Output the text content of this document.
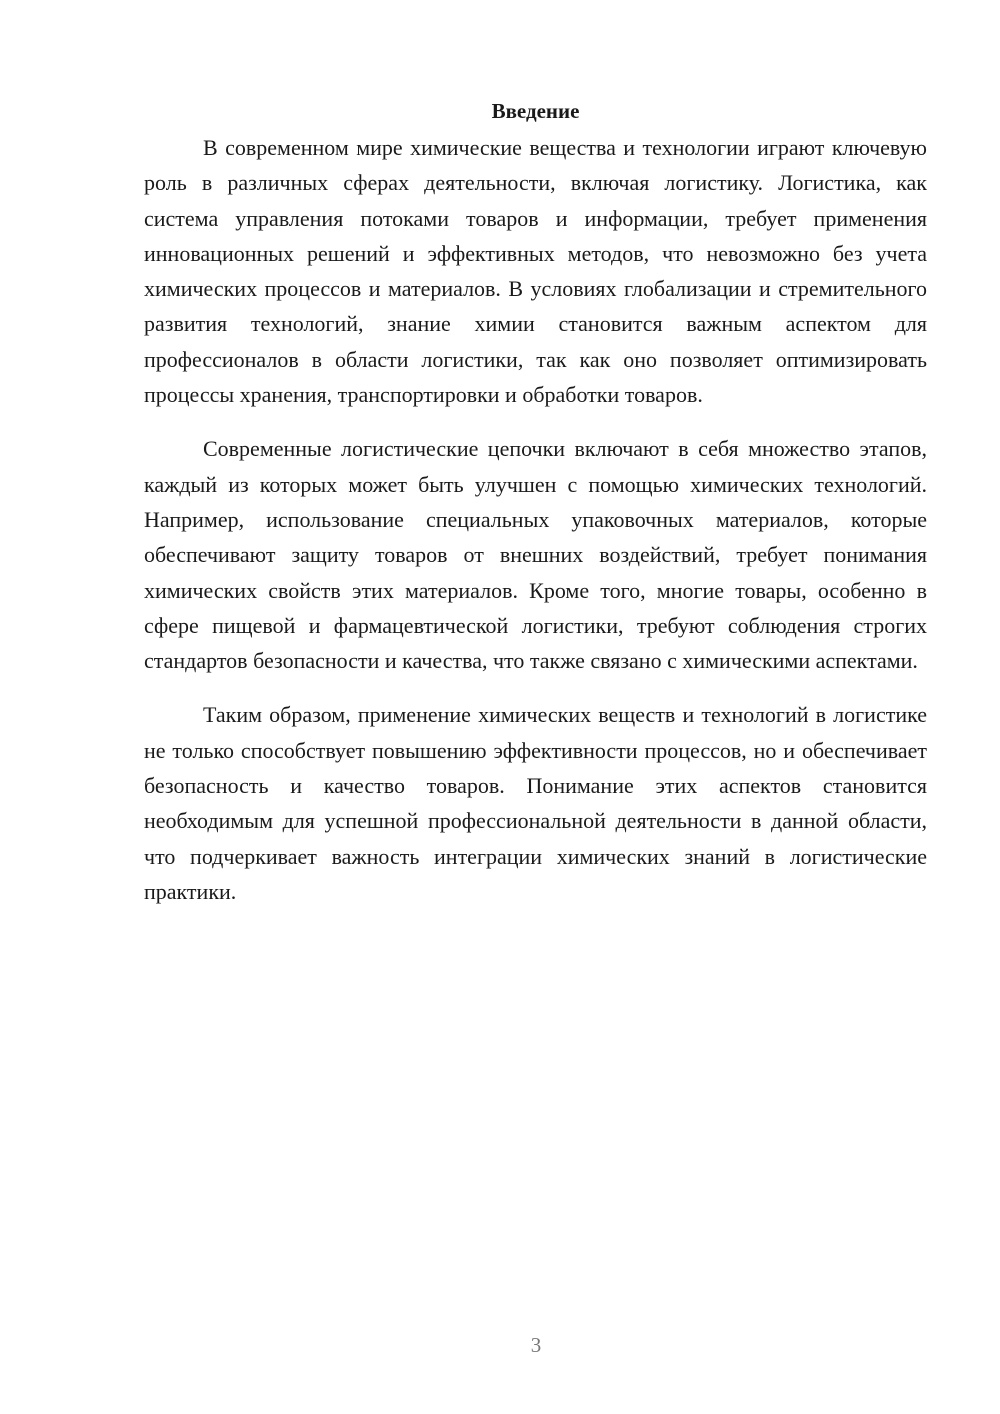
Введение

В современном мире химические вещества и технологии играют ключевую роль в различных сферах деятельности, включая логистику. Логистика, как система управления потоками товаров и информации, требует применения инновационных решений и эффективных методов, что невозможно без учета химических процессов и материалов. В условиях глобализации и стремительного развития технологий, знание химии становится важным аспектом для профессионалов в области логистики, так как оно позволяет оптимизировать процессы хранения, транспортировки и обработки товаров.

Современные логистические цепочки включают в себя множество этапов, каждый из которых может быть улучшен с помощью химических технологий. Например, использование специальных упаковочных материалов, которые обеспечивают защиту товаров от внешних воздействий, требует понимания химических свойств этих материалов. Кроме того, многие товары, особенно в сфере пищевой и фармацевтической логистики, требуют соблюдения строгих стандартов безопасности и качества, что также связано с химическими аспектами.

Таким образом, применение химических веществ и технологий в логистике не только способствует повышению эффективности процессов, но и обеспечивает безопасность и качество товаров. Понимание этих аспектов становится необходимым для успешной профессиональной деятельности в данной области, что подчеркивает важность интеграции химических знаний в логистические практики.

3
